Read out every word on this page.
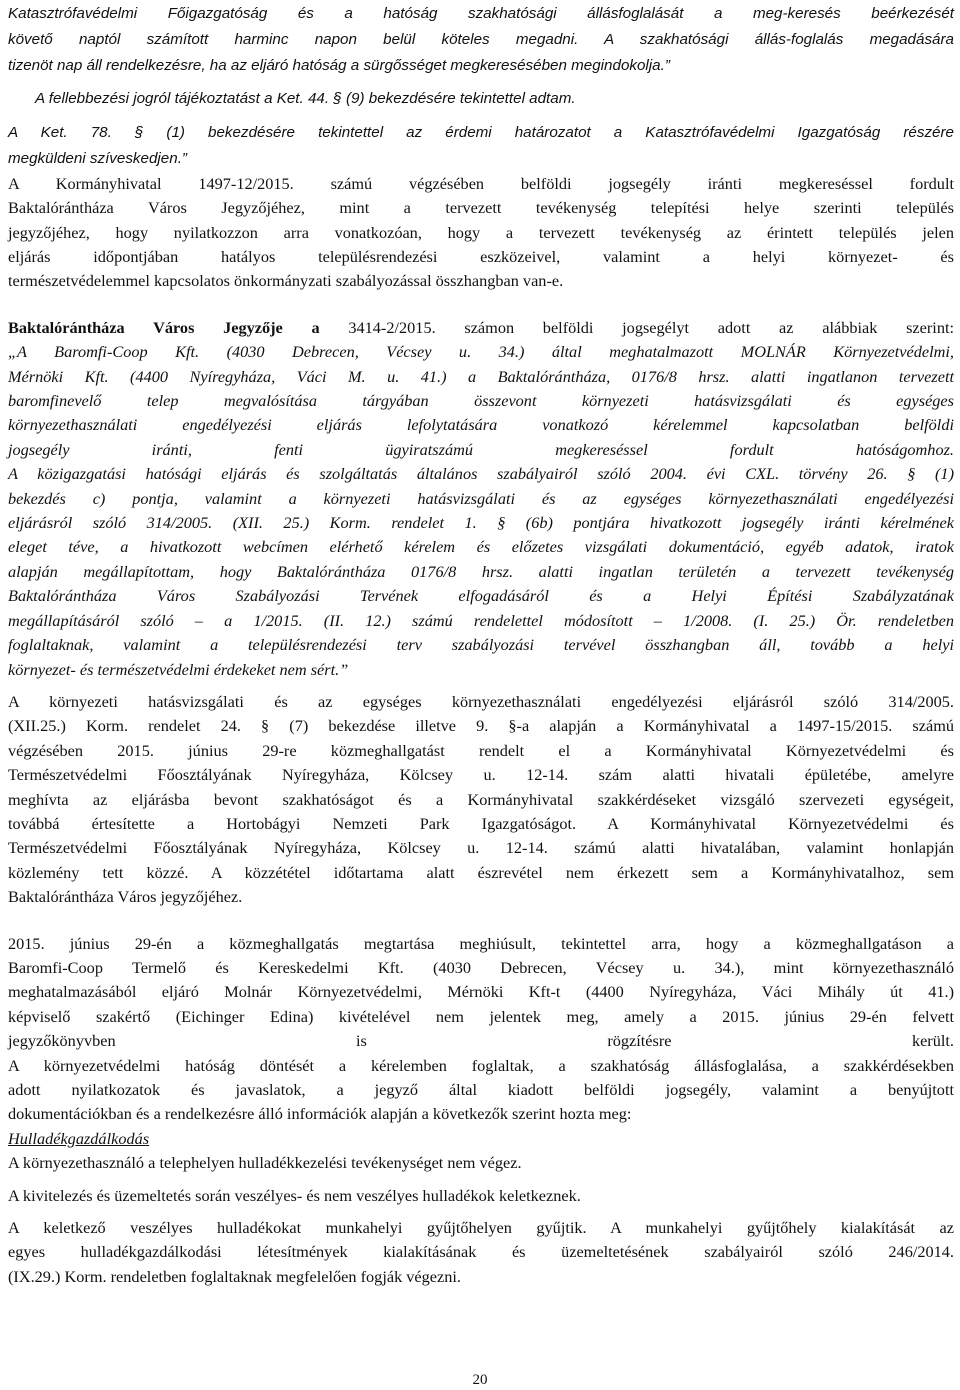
Katasztrófavédelmi Főigazgatóság és a hatóság szakhatósági állásfoglalását a meg-keresés beérkezését
követő naptól számított harminc napon belül köteles megadni. A szakhatósági állás-foglalás megadására
tizenöt nap áll rendelkezésre, ha az eljáró hatóság a sürgősséget megkeresésében megindokolja.”
A fellebbezési jogról tájékoztatást a Ket. 44. § (9) bekezdésére tekintettel adtam.
A Ket. 78. § (1) bekezdésére tekintettel az érdemi határozatot a Katasztrófavédelmi Igazgatóság részére
megküldeni szíveskedjen.”
A Kormányhivatal 1497-12/2015. számú végzésében belföldi jogsegély iránti megkereséssel fordult
Baktalórántháza Város Jegyzőjéhez, mint a tervezett tevékenység telepítési helye szerinti település
jegyzőjéhez, hogy nyilatkozzon arra vonatkozóan, hogy a tervezett tevékenység az érintett település jelen
eljárás időpontjában hatályos településrendezési eszközeivel, valamint a helyi környezet- és
természetvédelemmel kapcsolatos önkormányzati szabályozással összhangban van-e.
Baktalórántháza Város Jegyzője a 3414-2/2015. számon belföldi jogsegélyt adott az alábbiak szerint:
„A Baromfi-Coop Kft. (4030 Debrecen, Vécsey u. 34.) által meghatalmazott MOLNÁR Környezetvédelmi,
Mérnöki Kft. (4400 Nyíregyháza, Váci M. u. 41.) a Baktalórántháza, 0176/8 hrsz. alatti ingatlanon tervezett
baromfinevelő telep megvalósítása tárgyában összevont környezeti hatásvizsgálati és egységes
környezethasználati engedélyezési eljárás lefolytatására vonatkozó kérelemmel kapcsolatban belföldi
jogsegély iránti, fenti ügyiratszámú megkereséssel fordult hatóságomhoz.
A közigazgatási hatósági eljárás és szolgáltatás általános szabályairól szóló 2004. évi CXL. törvény 26. § (1)
bekezdés c) pontja, valamint a környezeti hatásvizsgálati és az egységes környezethasználati engedélyezési
eljárásról szóló 314/2005. (XII. 25.) Korm. rendelet 1. § (6b) pontjára hivatkozott jogsegély iránti kérelmének
eleget téve, a hivatkozott webcímen elérhető kérelem és előzetes vizsgálati dokumentáció, egyéb adatok, iratok
alapján megállapítottam, hogy Baktalórántháza 0176/8 hrsz. alatti ingatlan területén a tervezett tevékenység
Baktalórántháza Város Szabályozási Tervének elfogadásáról és a Helyi Építési Szabályzatának
megállapításáról szóló – a 1/2015. (II. 12.) számú rendelettel módosított – 1/2008. (I. 25.) Ör. rendeletben
foglaltaknak, valamint a településrendezési terv szabályozási tervével összhangban áll, tovább a helyi
környezet- és természetvédelmi érdekeket nem sért.”
A környezeti hatásvizsgálati és az egységes környezethasználati engedélyezési eljárásról szóló 314/2005.
(XII.25.) Korm. rendelet 24. § (7) bekezdése illetve 9. §-a alapján a Kormányhivatal a 1497-15/2015. számú
végzésében 2015. június 29-re közmeghallgatást rendelt el a Kormányhivatal Környezetvédelmi és
Természetvédelmi Főosztályának Nyíregyháza, Kölcsey u. 12-14. szám alatti hivatali épületébe, amelyre
meghívta az eljárásba bevont szakhatóságot és a Kormányhivatal szakkérdéseket vizsgáló szervezeti egységeit,
továbbá értesítette a Hortobágyi Nemzeti Park Igazgatóságot. A Kormányhivatal Környezetvédelmi és
Természetvédelmi Főosztályának Nyíregyháza, Kölcsey u. 12-14. számú alatti hivatalában, valamint honlapján
közlemény tett közzé. A közzététel időtartama alatt észrevétel nem érkezett sem a Kormányhivatalhoz, sem
Baktalórántháza Város jegyzőjéhez.
2015. június 29-én a közmeghallgatás megtartása meghiúsult, tekintettel arra, hogy a közmeghallgatáson a
Baromfi-Coop Termelő és Kereskedelmi Kft. (4030 Debrecen, Vécsey u. 34.), mint környezethasználó
meghatalmazásából eljáró Molnár Környezetvédelmi, Mérnöki Kft-t (4400 Nyíregyháza, Váci Mihály út 41.)
képviselő szakértő (Eichinger Edina) kivételével nem jelentek meg, amely a 2015. június 29-én felvett
jegyzőkönyvben is rögzítésre került.
A környezetvédelmi hatóság döntését a kérelemben foglaltak, a szakhatóság állásfoglalása, a szakkérdésekben
adott nyilatkozatok és javaslatok, a jegyző által kiadott belföldi jogsegély, valamint a benyújtott
dokumentációkban és a rendelkezésre álló információk alapján a következők szerint hozta meg:
Hulladékgazdálkodás
A környezethasználó a telephelyen hulladékkezelési tevékenységet nem végez.
A kivitelezés és üzemeltetés során veszélyes- és nem veszélyes hulladékok keletkeznek.
A keletkező veszélyes hulladékokat munkahelyi gyűjtőhelyen gyűjtik. A munkahelyi gyűjtőhely kialakítását az
egyes hulladékgazdálkodási létesítmények kialakításának és üzemeltetésének szabályairól szóló 246/2014.
(IX.29.) Korm. rendeletben foglaltaknak megfelelően fogják végezni.
20
